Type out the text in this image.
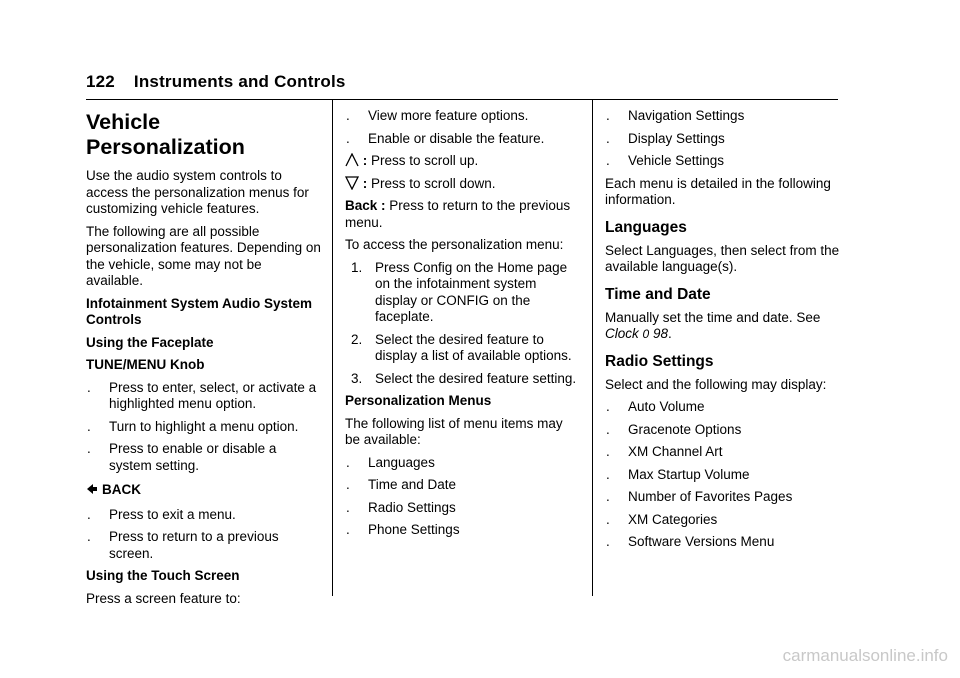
122 Instruments and Controls
Vehicle
Personalization

Use the audio system controls to access the personalization menus for customizing vehicle features.

The following are all possible personalization features. Depending on the vehicle, some may not be available.

Infotainment System Audio System Controls

Using the Faceplate

TUNE/MENU Knob

. Press to enter, select, or activate a highlighted menu option.
. Turn to highlight a menu option.
. Press to enable or disable a system setting.

BACK

. Press to exit a menu.
. Press to return to a previous screen.

Using the Touch Screen

Press a screen feature to:

. View more feature options.
. Enable or disable the feature.

: Press to scroll up.

: Press to scroll down.

Back : Press to return to the previous menu.

To access the personalization menu:

1. Press Config on the Home page on the infotainment system display or CONFIG on the faceplate.
2. Select the desired feature to display a list of available options.
3. Select the desired feature setting.

Personalization Menus

The following list of menu items may be available:

. Languages
. Time and Date
. Radio Settings
. Phone Settings
. Navigation Settings
. Display Settings
. Vehicle Settings

Each menu is detailed in the following information.

Languages

Select Languages, then select from the available language(s).

Time and Date

Manually set the time and date. See
Clock 0 98.

Radio Settings

Select and the following may display:

. Auto Volume
. Gracenote Options
. XM Channel Art
. Max Startup Volume
. Number of Favorites Pages
. XM Categories
. Software Versions Menu
carmanualsonline.info
